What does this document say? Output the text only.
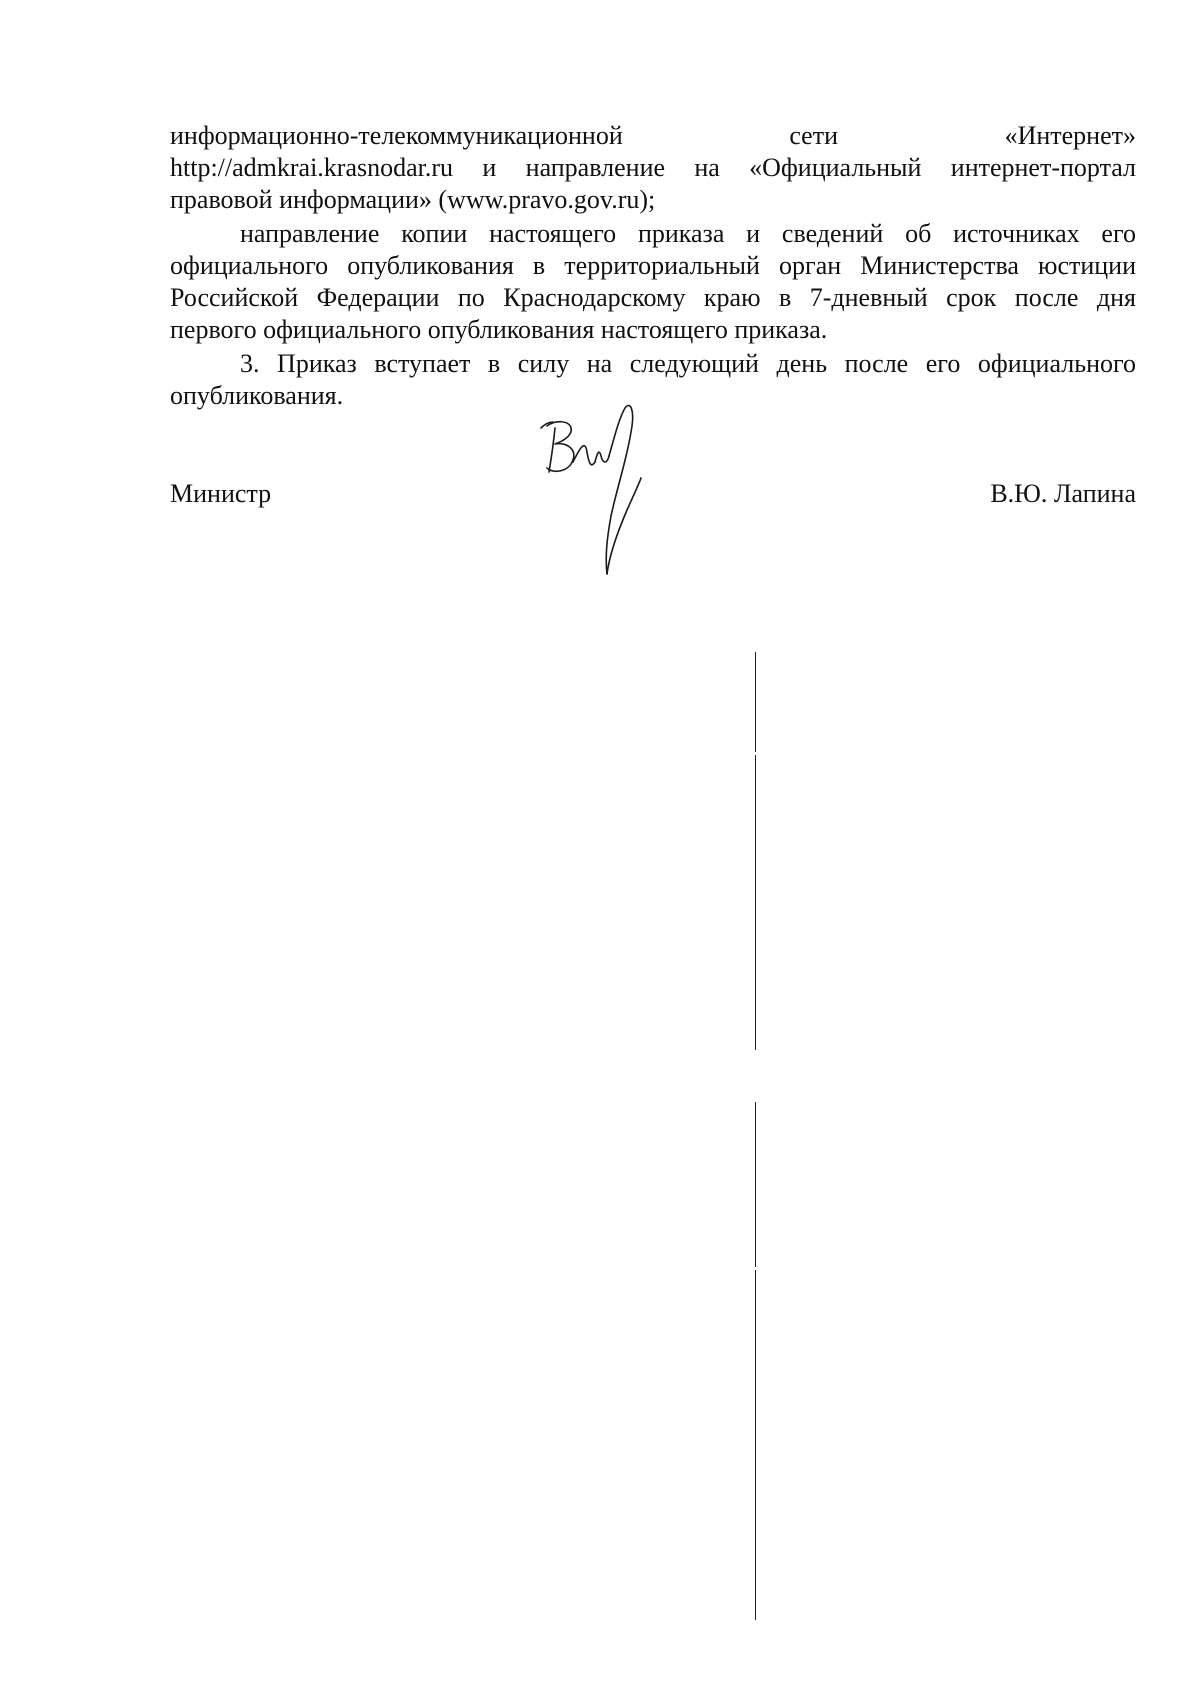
информационно-телекоммуникационной сети «Интернет»
http://admkrai.krasnodar.ru и направление на «Официальный интернет-портал
правовой информации» (www.pravo.gov.ru);
направление копии настоящего приказа и сведений об источниках его
официального опубликования в территориальный орган Министерства юстиции
Российской Федерации по Краснодарскому краю в 7-дневный срок после дня
первого официального опубликования настоящего приказа.
3. Приказ вступает в силу на следующий день после его официального
опубликования.
Министр	В.Ю. Лапина
